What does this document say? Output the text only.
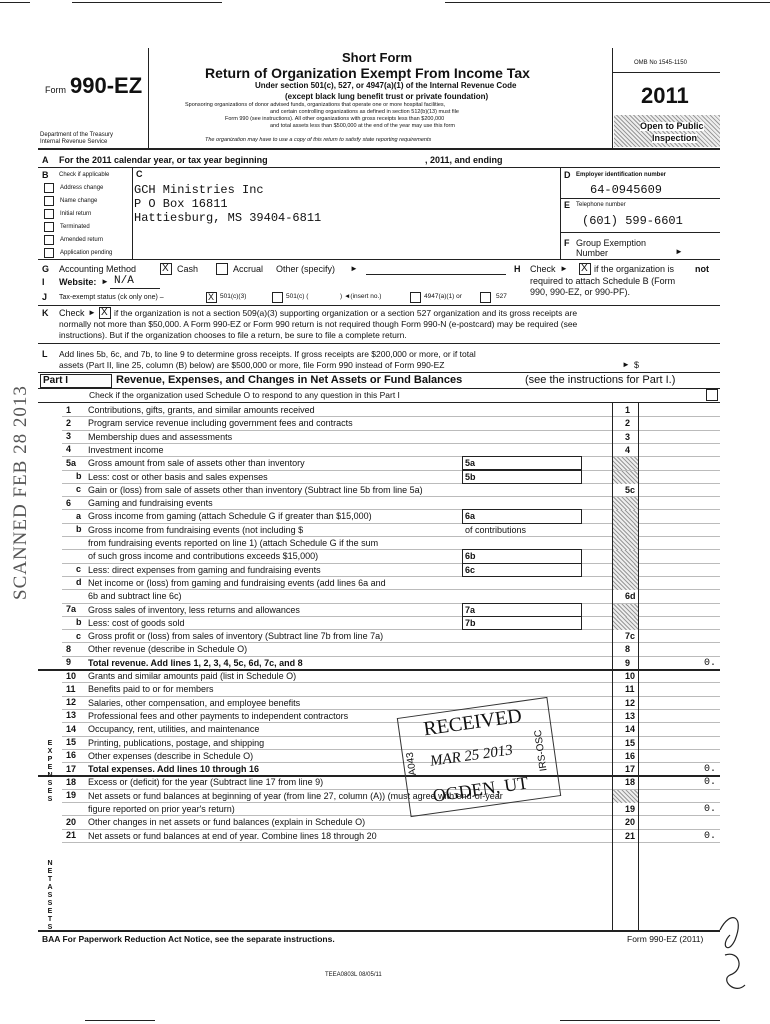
Form 990-EZ
Department of the Treasury
Internal Revenue Service
Short Form
Return of Organization Exempt From Income Tax
Under section 501(c), 527, or 4947(a)(1) of the Internal Revenue Code
(except black lung benefit trust or private foundation)
Sponsoring organizations of donor advised funds, organizations that operate one or more hospital facilities,
and certain controlling organizations as defined in section 512(b)(13) must file
Form 990 (see instructions). All other organizations with gross receipts less than $200,000
and total assets less than $500,000 at the end of the year may use this form
The organization may have to use a copy of this return to satisfy state reporting requirements
OMB No 1545-1150
2011
Open to Public
Inspection
A For the 2011 calendar year, or tax year beginning	, 2011, and ending
B Check if applicable	C
Address change
Name change
Initial return
Terminated
Amended return
Application pending
GCH Ministries Inc
P O Box 16811
Hattiesburg, MS 39404-6811
D Employer identification number
64-0945609
E Telephone number
(601) 599-6601
F Group Exemption
Number	►
G Accounting Method	X Cash	Accrual Other (specify) ►	H Check ► X if the organization is not
required to attach Schedule B (Form
990, 990-EZ, or 990-PF).
I Website: ► N/A
J Tax-exempt status (ck only one) –	X 501(c)(3)	501(c) (	) ◄(insert no.)	4947(a)(1) or	527
K Check ► X if the organization is not a section 509(a)(3) supporting organization or a section 527 organization and its gross receipts are
normally not more than $50,000. A Form 990-EZ or Form 990 return is not required though Form 990-N (e-postcard) may be required (see
instructions). But if the organization chooses to file a return, be sure to file a complete return.
L Add lines 5b, 6c, and 7b, to line 9 to determine gross receipts. If gross receipts are $200,000 or more, or if total
assets (Part II, line 25, column (B) below) are $500,000 or more, file Form 990 instead of Form 990-EZ	► $
Part I	Revenue, Expenses, and Changes in Net Assets or Fund Balances	(see the instructions for Part I.)
Check if the organization used Schedule O to respond to any question in this Part I
1 Contributions, gifts, grants, and similar amounts received	1
2 Program service revenue including government fees and contracts	2
3 Membership dues and assessments	3
4 Investment income	4
5a Gross amount from sale of assets other than inventory	5a
b Less: cost or other basis and sales expenses	5b
c Gain or (loss) from sale of assets other than inventory (Subtract line 5b from line 5a)	5c
6 Gaming and fundraising events
a Gross income from gaming (attach Schedule G if greater than $15,000)	6a
b Gross income from fundraising events (not including $	of contributions
from fundraising events reported on line 1) (attach Schedule G if the sum
of such gross income and contributions exceeds $15,000)	6b
c Less: direct expenses from gaming and fundraising events	6c
d Net income or (loss) from gaming and fundraising events (add lines 6a and
6b and subtract line 6c)	6d
7a Gross sales of inventory, less returns and allowances	7a
b Less: cost of goods sold	7b
c Gross profit or (loss) from sales of inventory (Subtract line 7b from line 7a)	7c
8 Other revenue (describe in Schedule O)	8
9 Total revenue. Add lines 1, 2, 3, 4, 5c, 6d, 7c, and 8	9	0.
10 Grants and similar amounts paid (list in Schedule O)	10
11 Benefits paid to or for members	11
12 Salaries, other compensation, and employee benefits	12
13 Professional fees and other payments to independent contractors	13
14 Occupancy, rent, utilities, and maintenance	14
15 Printing, publications, postage, and shipping	15
16 Other expenses (describe in Schedule O)	16
17 Total expenses. Add lines 10 through 16	17	0.
18 Excess or (deficit) for the year (Subtract line 17 from line 9)	18	0.
19 Net assets or fund balances at beginning of year (from line 27, column (A)) (must agree with end-of-year
figure reported on prior year's return)	19	0.
20 Other changes in net assets or fund balances (explain in Schedule O)	20
21 Net assets or fund balances at end of year. Combine lines 18 through 20	21	0.
EXPENSES
NET ASSETS
SCANNED FEB 28 2013
RECEIVED
MAR 25 2013
OGDEN, UT
A043	IRS-OSC
BAA For Paperwork Reduction Act Notice, see the separate instructions.	Form 990-EZ (2011)
TEEA0803L 08/05/11
